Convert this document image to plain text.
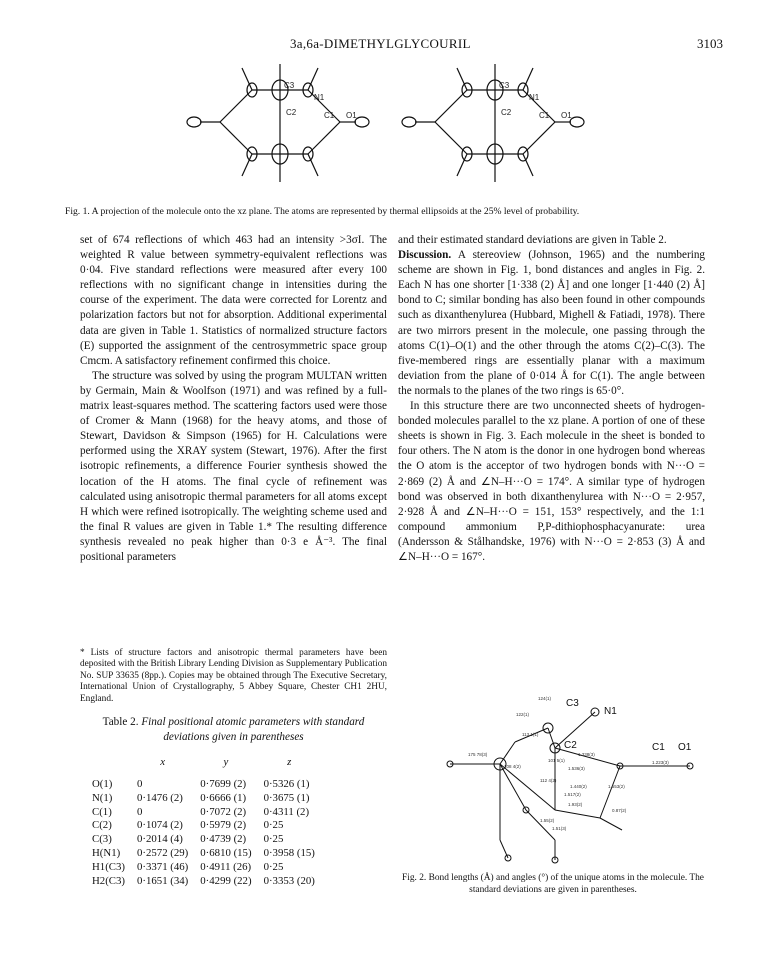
3a,6a-DIMETHYLGLYCOURIL	3103
C3
C2	C1 O1
N1
C3
C2	C1 O1
N1
Fig. 1. A projection of the molecule onto the xz plane. The atoms are represented by thermal ellipsoids at the 25% level of probability.

set of 674 reflections of which 463 had an intensity >3σI. The weighted R value between symmetry-equivalent reflections was 0·04. Five standard reflections were measured after every 100 reflections with no significant change in intensities during the course of the experiment. The data were corrected for Lorentz and polarization factors but not for absorption. Additional experimental data are given in Table 1. Statistics of normalized structure factors (E) supported the assignment of the centrosymmetric space group Cmcm. A satisfactory refinement confirmed this choice.

The structure was solved by using the program MULTAN written by Germain, Main & Woolfson (1971) and was refined by a full-matrix least-squares method. The scattering factors used were those of Cromer & Mann (1968) for the heavy atoms, and those of Stewart, Davidson & Simpson (1965) for H. Calculations were performed using the XRAY system (Stewart, 1976). After the first isotropic refinements, a difference Fourier synthesis showed the location of the H atoms. The final cycle of refinement was calculated using anisotropic thermal parameters for all atoms except H which were refined isotropically. The weighting scheme used and the final R values are given in Table 1.* The resulting difference synthesis revealed no peak higher than 0·3 e Å⁻³. The final positional parameters

and their estimated standard deviations are given in Table 2.

Discussion. A stereoview (Johnson, 1965) and the numbering scheme are shown in Fig. 1, bond distances and angles in Fig. 2. Each N has one shorter [1·338 (2) Å] and one longer [1·440 (2) Å] bond to C; similar bonding has also been found in other compounds such as dixanthenylurea (Hubbard, Mighell & Fatiadi, 1978). There are two mirrors present in the molecule, one passing through the atoms C(1)–O(1) and the other through the atoms C(2)–C(3). The five-membered rings are essentially planar with a maximum deviation from the plane of 0·014 Å for C(1). The angle between the normals to the planes of the two rings is 65·0°.

In this structure there are two unconnected sheets of hydrogen-bonded molecules parallel to the xz plane. A portion of one of these sheets is shown in Fig. 3. Each molecule in the sheet is bonded to four others. The N atom is the donor in one hydrogen bond whereas the O atom is the acceptor of two hydrogen bonds with N···O = 2·869 (2) Å and ∠N–H···O = 174°. A similar type of hydrogen bond was observed in both dixanthenylurea with N···O = 2·957, 2·928 Å and ∠N–H···O = 151, 153° respectively, and the 1:1 compound ammonium P,P-dithiophosphacyanurate: urea (Andersson & Stålhandske, 1976) with N···O = 2·853 (3) Å and ∠N–H···O = 167°.

* Lists of structure factors and anisotropic thermal parameters have been deposited with the British Library Lending Division as Supplementary Publication No. SUP 33635 (8pp.). Copies may be obtained through The Executive Secretary, International Union of Crystallography, 5 Abbey Square, Chester CH1 2HU, England.
Table 2. Final positional atomic parameters with standard deviations given in parentheses
	x	y	z
O(1)	0	0·7699 (2)	0·5326 (1)
N(1)	0·1476 (2)	0·6666 (1)	0·3675 (1)
C(1)	0	0·7072 (2)	0·4311 (2)
C(2)	0·1074 (2)	0·5979 (2)	0·25
C(3)	0·2014 (4)	0·4739 (2)	0·25
H(N1)	0·2572 (29)	0·6810 (15)	0·3958 (15)
H1(C3)	0·3371 (46)	0·4911 (26)	0·25
H2(C3)	0·1651 (34)	0·4299 (22)	0·3353 (20)
C3
N1
C2	C1 O1
124(1)
122(1)
113 1(1)
101 5(1)
175 78(3)
108 4(2)	1.536(3)
1.338(3)
1.223(3)
1.440(2)
1.517(2)
1.553(2)
112 4(2)
1.93(2)
0.87(2)
1.51(3)
1.55(2)
Fig. 2. Bond lengths (Å) and angles (°) of the unique atoms in the molecule. The standard deviations are given in parentheses.
